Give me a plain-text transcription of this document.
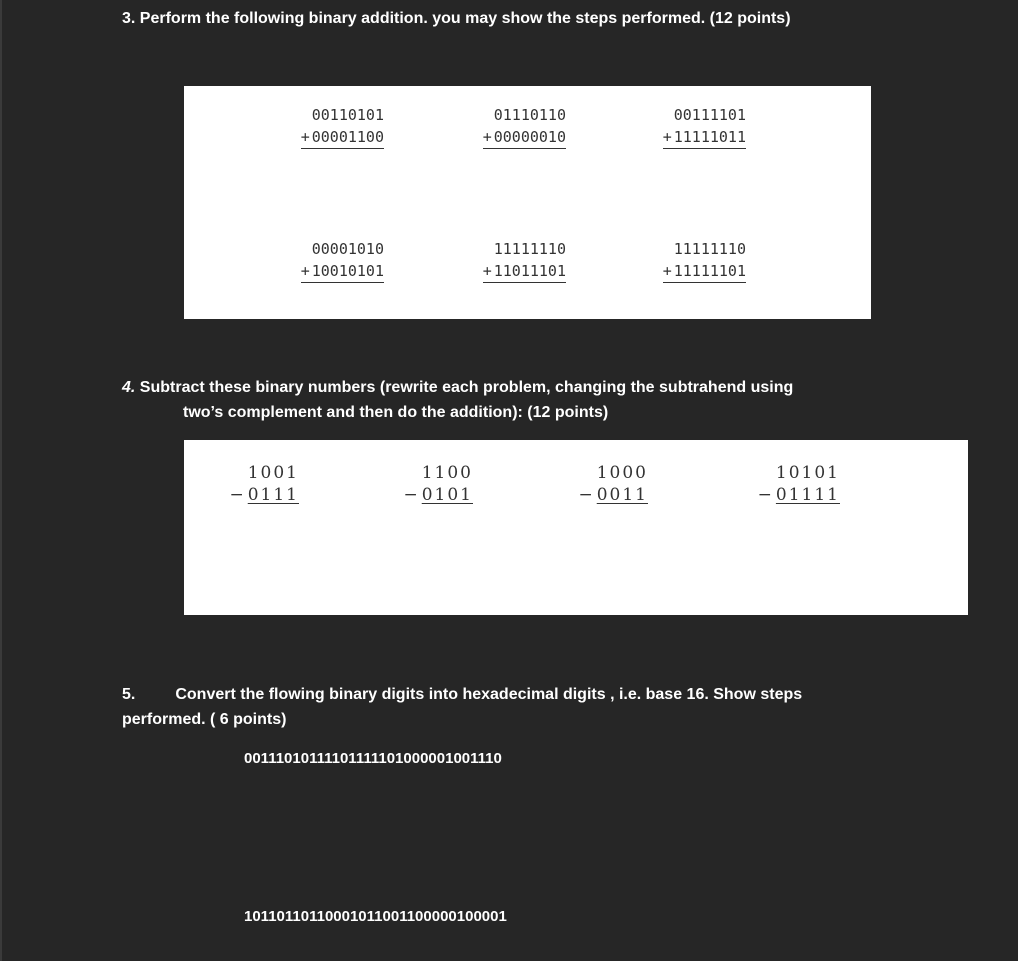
3. Perform the following binary addition. you may show the steps performed. (12 points)

00110101
+ 00001100
01110110
+ 00000010
00111101
+ 11111011
00001010
+ 10010101
11111110
+ 11011101
11111110
+ 11111101

4. Subtract these binary numbers (rewrite each problem, changing the subtrahend using

two’s complement and then do the addition): (12 points)

1001
− 0111
1100
− 0101
1000
− 0011
10101
− 01111

5.	Convert the flowing binary digits into hexadecimal digits , i.e. base 16. Show steps

performed. ( 6 points)

00111010111101111101000001001110
10110110110001011001100000100001
